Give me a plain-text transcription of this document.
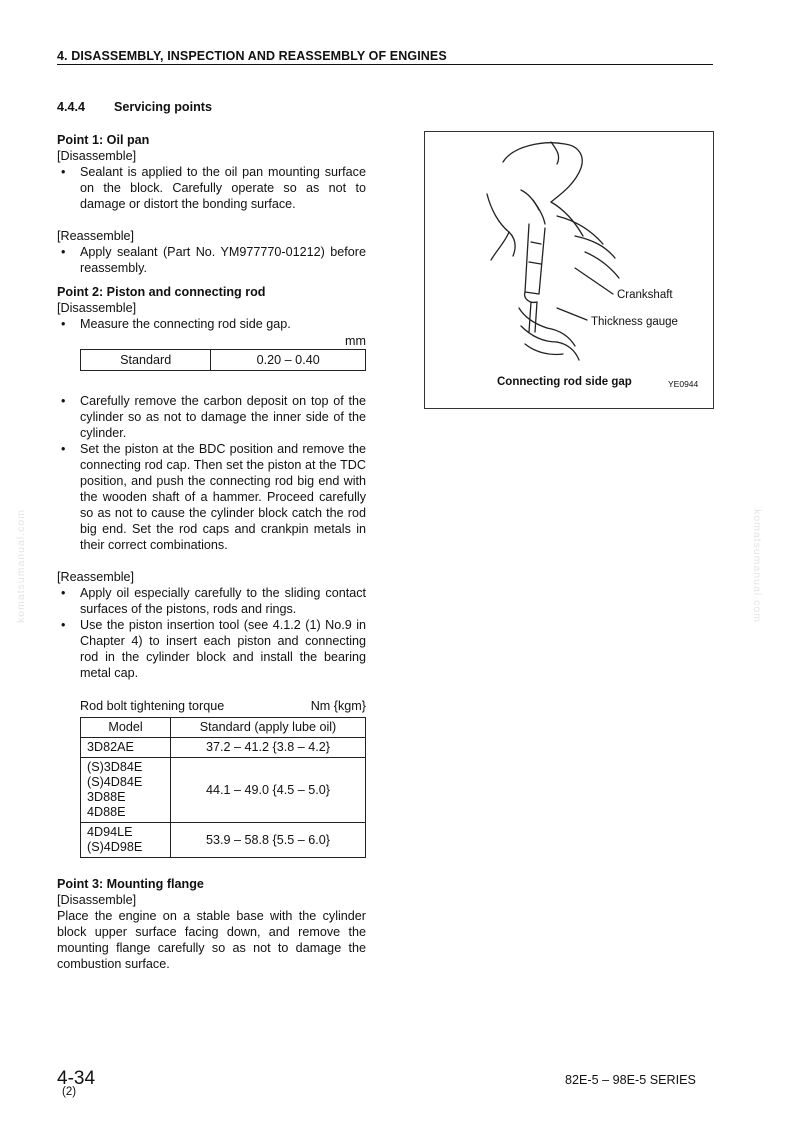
4. DISASSEMBLY, INSPECTION AND REASSEMBLY OF ENGINES

4.4.4 Servicing points

Point 1: Oil pan

[Disassemble]

• Sealant is applied to the oil pan mounting surface on the block. Carefully operate so as not to damage or distort the bonding surface.

[Reassemble]

• Apply sealant (Part No. YM977770-01212) before reassembly.

Point 2: Piston and connecting rod

[Disassemble]

• Measure the connecting rod side gap.

mm

Standard	0.20 – 0.40

• Carefully remove the carbon deposit on top of the cylinder so as not to damage the inner side of the cylinder.

• Set the piston at the BDC position and remove the connecting rod cap. Then set the piston at the TDC position, and push the connecting rod big end with the wooden shaft of a hammer. Proceed carefully so as not to cause the cylinder block catch the rod big end. Set the rod caps and crankpin metals in their correct combinations.

[Reassemble]

• Apply oil especially carefully to the sliding contact surfaces of the pistons, rods and rings.

• Use the piston insertion tool (see 4.1.2 (1) No.9 in Chapter 4) to insert each piston and connecting rod in the cylinder block and install the bearing metal cap.

Rod bolt tightening torque	Nm {kgm}
Model	Standard (apply lube oil)
3D82AE	37.2 – 41.2 {3.8 – 4.2}

(S)3D84E
(S)4D84E
3D88E
4D88E	44.1 – 49.0 {4.5 – 5.0}

4D94LE
(S)4D98E	53.9 – 58.8 {5.5 – 6.0}

Point 3: Mounting flange

[Disassemble]

Place the engine on a stable base with the cylinder block upper surface facing down, and remove the mounting flange carefully so as not to damage the combustion surface.

Crankshaft
Thickness gauge
Connecting rod side gap	YE0944
komatsumanual.com	komatsumanual.com
4-34
(2)
82E-5 – 98E-5 SERIES
